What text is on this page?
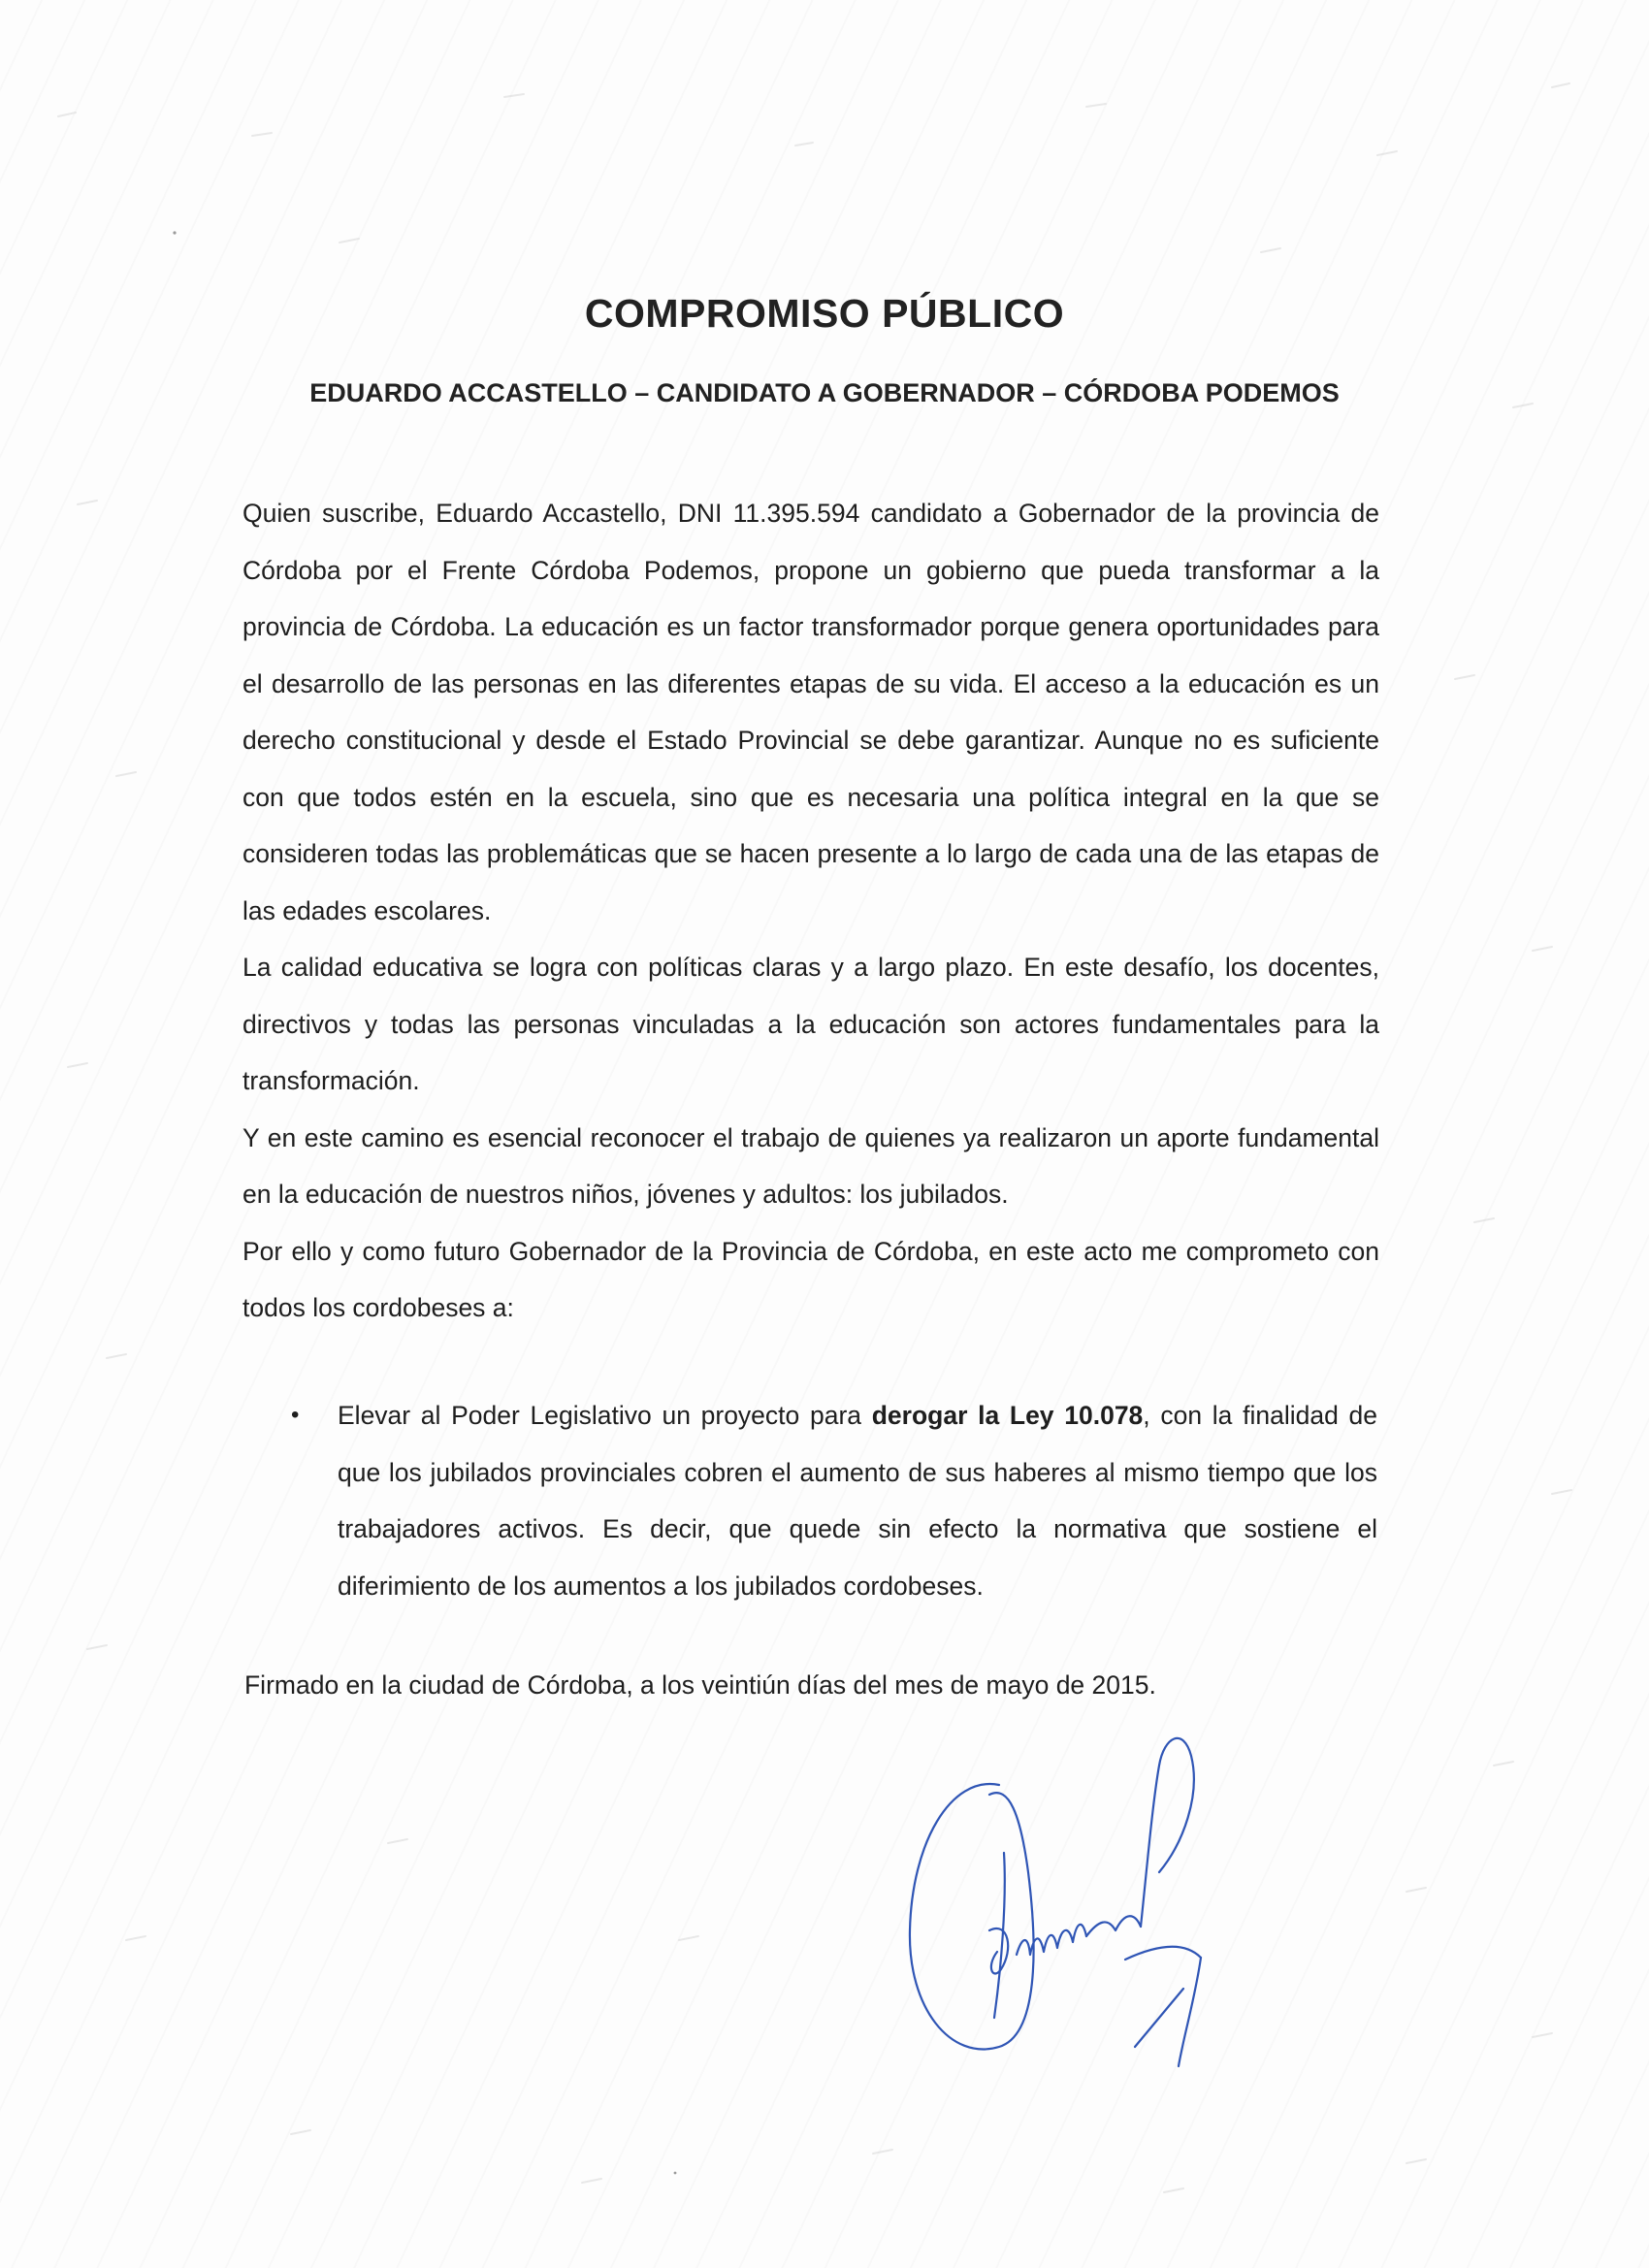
COMPROMISO PÚBLICO
EDUARDO ACCASTELLO – CANDIDATO A GOBERNADOR – CÓRDOBA PODEMOS

Quien suscribe, Eduardo Accastello, DNI 11.395.594 candidato a Gobernador de la provincia de Córdoba por el Frente Córdoba Podemos, propone un gobierno que pueda transformar a la provincia de Córdoba. La educación es un factor transformador porque genera oportunidades para el desarrollo de las personas en las diferentes etapas de su vida. El acceso a la educación es un derecho constitucional y desde el Estado Provincial se debe garantizar. Aunque no es suficiente con que todos estén en la escuela, sino que es necesaria una política integral en la que se consideren todas las problemáticas que se hacen presente a lo largo de cada una de las etapas de las edades escolares.

La calidad educativa se logra con políticas claras y a largo plazo. En este desafío, los docentes, directivos y todas las personas vinculadas a la educación son actores fundamentales para la transformación.

Y en este camino es esencial reconocer el trabajo de quienes ya realizaron un aporte fundamental en la educación de nuestros niños, jóvenes y adultos: los jubilados.

Por ello y como futuro Gobernador de la Provincia de Córdoba, en este acto me comprometo con todos los cordobeses a:

• Elevar al Poder Legislativo un proyecto para derogar la Ley 10.078, con la finalidad de que los jubilados provinciales cobren el aumento de sus haberes al mismo tiempo que los trabajadores activos. Es decir, que quede sin efecto la normativa que sostiene el diferimiento de los aumentos a los jubilados cordobeses.
Firmado en la ciudad de Córdoba, a los veintiún días del mes de mayo de 2015.
